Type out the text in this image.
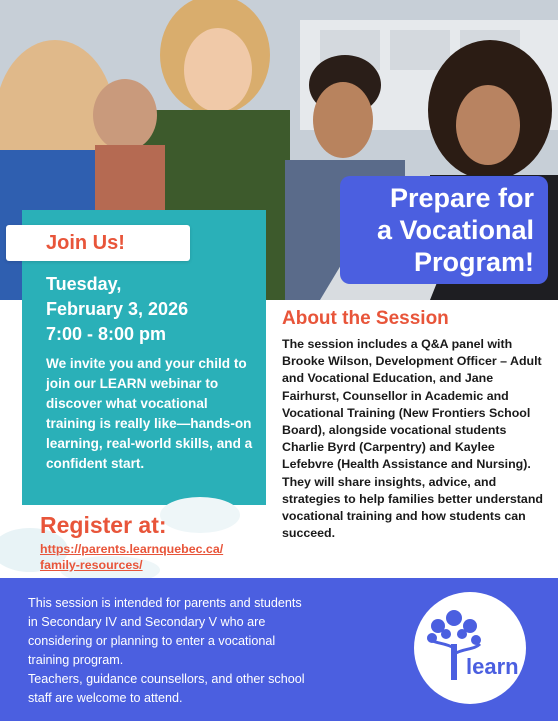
Prepare for
a Vocational
Program!
Join Us!
Tuesday,
February 3, 2026
7:00 - 8:00 pm
We invite you and your child to join our LEARN webinar to discover what vocational training is really like—hands-on learning, real-world skills, and a confident start.
About the Session
The session includes a Q&A panel with Brooke Wilson, Development Officer – Adult and Vocational Education, and Jane Fairhurst, Counsellor in Academic and Vocational Training (New Frontiers School Board), alongside vocational students Charlie Byrd (Carpentry) and Kaylee Lefebvre (Health Assistance and Nursing). They will share insights, advice, and strategies to help families better understand vocational training and how students can succeed.
Register at:
https://parents.learnquebec.ca/
family-resources/
This session is intended for parents and students
in Secondary IV and Secondary V who are
considering or planning to enter a vocational
training program.
Teachers, guidance counsellors, and other school
staff are welcome to attend.
learn
